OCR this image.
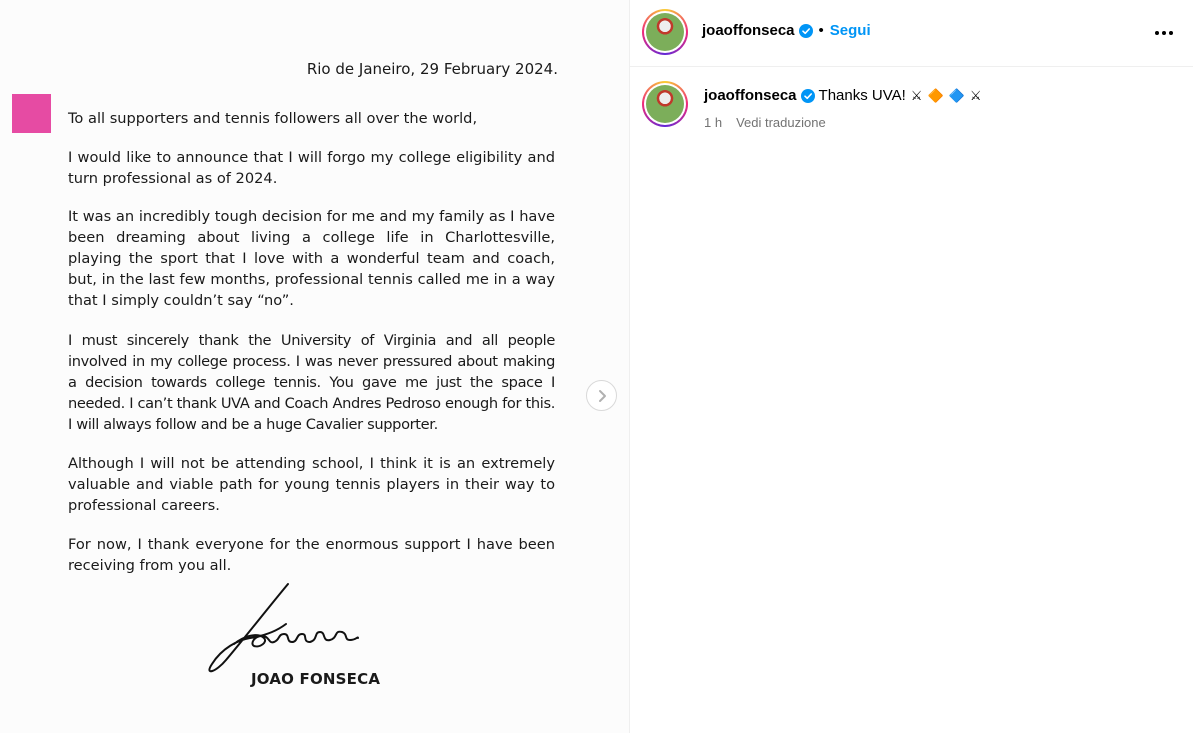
Rio de Janeiro, 29 February 2024.

To all supporters and tennis followers all over the world,

I would like to announce that I will forgo my college eligibility and turn professional as of 2024.

It was an incredibly tough decision for me and my family as I have been dreaming about living a college life in Charlottesville, playing the sport that I love with a wonderful team and coach, but, in the last few months, professional tennis called me in a way that I simply couldn’t say “no”.

I must sincerely thank the University of Virginia and all people involved in my college process. I was never pressured about making a decision towards college tennis. You gave me just the space I needed. I can’t thank UVA and Coach Andres Pedroso enough for this. I will always follow and be a huge Cavalier supporter.

Although I will not be attending school, I think it is an extremely valuable and viable path for young tennis players in their way to professional careers.

For now, I thank everyone for the enormous support I have been receiving from you all.

JOAO FONSECA
joaoffonseca • Segui
joaoffonseca Thanks UVA! ⚔ 🔶 🔷 ⚔
1 h Vedi traduzione
